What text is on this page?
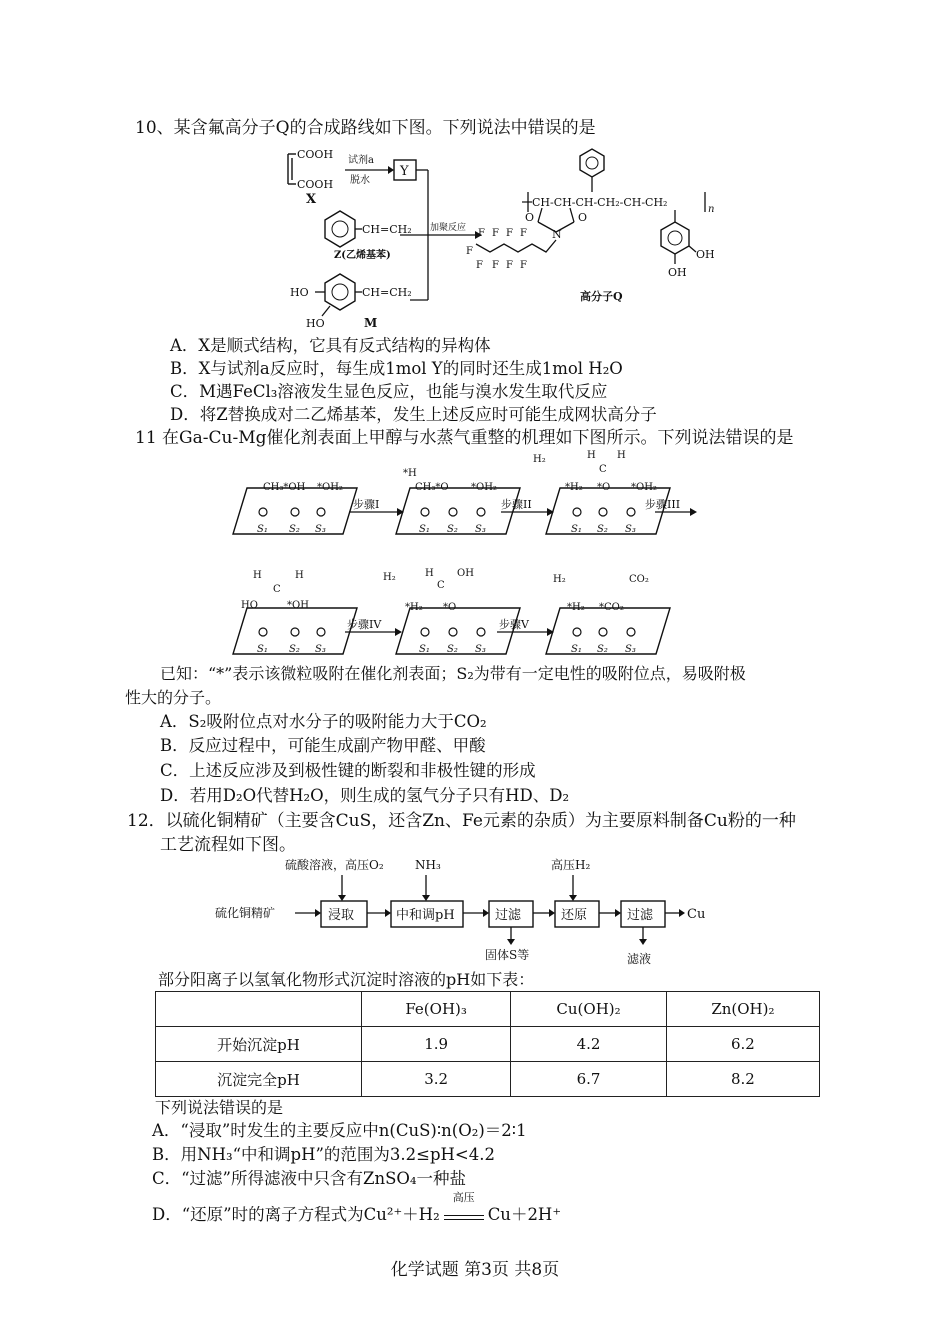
10、某含氟高分子Q的合成路线如下图。下列说法中错误的是
COOH
COOH
X
试剂a
脱水
Y
加聚反应
CH=CH₂
Z(乙烯基苯)
CH=CH₂
HO
HO	M
CH-CH-CH-CH₂-CH-CH₂
n
O	O
N
F F
F
F
F
F
F
F
F
OH
OH
高分子Q
A．X是顺式结构，它具有反式结构的异构体
B．X与试剂a反应时，每生成1mol Y的同时还生成1mol H₂O
C．M遇FeCl₃溶液发生显色反应，也能与溴水发生取代反应
D．将Z替换成对二乙烯基苯，发生上述反应时可能生成网状高分子
11 在Ga-Cu-Mg催化剂表面上甲醇与水蒸气重整的机理如下图所示。下列说法错误的是
CH₃*OH *OH₂
S₁ S₂ S₃
步骤I
*H
CH₃*O *OH₂
S₁ S₂ S₃
步骤II
H₂
*H₂
H
C
H
*O *OH₂
S₁ S₂ S₃
步骤III
H
C
H
HO	*OH
S₁ S₂ S₃
步骤IV
H₂
*H₂
H
C
OH
*O
S₁ S₂ S₃
步骤V
H₂
*H₂ *CO₂
CO₂
S₁ S₂ S₃
已知：“*”表示该微粒吸附在催化剂表面；S₂为带有一定电性的吸附位点，易吸附极
性大的分子。
A．S₂吸附位点对水分子的吸附能力大于CO₂
B．反应过程中，可能生成副产物甲醛、甲酸
C．上述反应涉及到极性键的断裂和非极性键的形成
D．若用D₂O代替H₂O，则生成的氢气分子只有HD、D₂
12．以硫化铜精矿（主要含CuS，还含Zn、Fe元素的杂质）为主要原料制备Cu粉的一种
工艺流程如下图。
硫酸溶液，高压O₂	NH₃	高压H₂
硫化铜精矿	浸取	中和调pH	过滤
固体S等
还原	过滤	Cu
滤液
部分阳离子以氢氧化物形式沉淀时溶液的pH如下表：
	Fe(OH)₃	Cu(OH)₂	Zn(OH)₂
开始沉淀pH	1.9	4.2	6.2
沉淀完全pH	3.2	6.7	8.2
下列说法错误的是
A．“浸取”时发生的主要反应中n(CuS)∶n(O₂)＝2∶1
B．用NH₃“中和调pH”的范围为3.2≤pH<4.2
C．“过滤”所得滤液中只含有ZnSO₄一种盐
D．“还原”时的离子方程式为Cu²⁺＋H₂
高压
Cu＋2H⁺
化学试题 第3页 共8页
